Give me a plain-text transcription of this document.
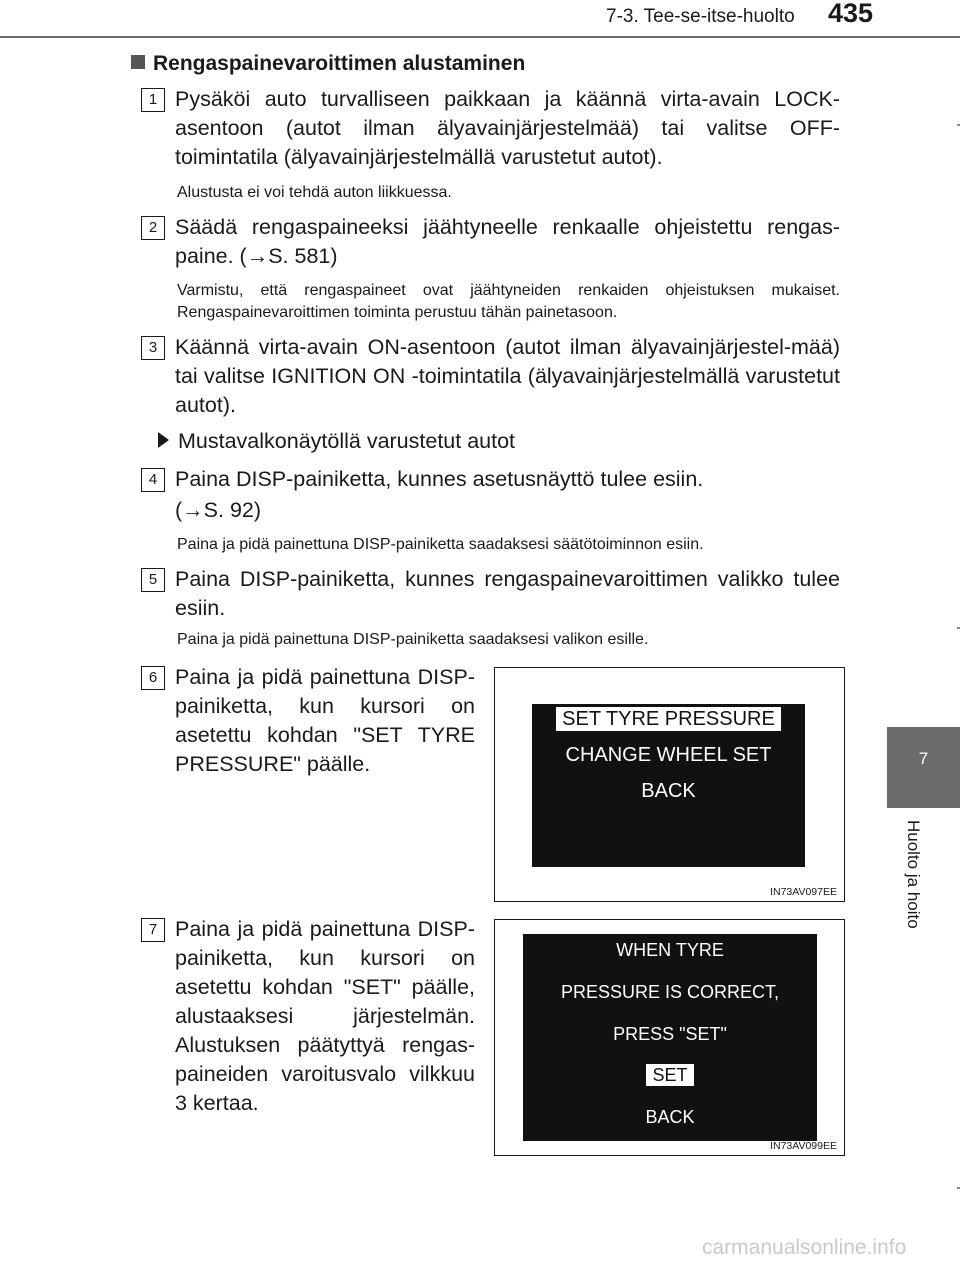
7-3. Tee-se-itse-huolto 435
7
Huolto ja hoito
Rengaspainevaroittimen alustaminen
1 Pysäköi auto turvalliseen paikkaan ja käännä virta-avain LOCK-asentoon (autot ilman älyavainjärjestelmää) tai valitse OFF-toimintatila (älyavainjärjestelmällä varustetut autot).
Alustusta ei voi tehdä auton liikkuessa.
2 Säädä rengaspaineeksi jäähtyneelle renkaalle ohjeistettu rengas-paine. (→S. 581)
Varmistu, että rengaspaineet ovat jäähtyneiden renkaiden ohjeistuksen mukaiset. Rengaspainevaroittimen toiminta perustuu tähän painetasoon.
3 Käännä virta-avain ON-asentoon (autot ilman älyavainjärjestel-mää) tai valitse IGNITION ON -toimintatila (älyavainjärjestelmällä varustetut autot).
Mustavalkonäytöllä varustetut autot
4 Paina DISP-painiketta, kunnes asetusnäyttö tulee esiin.
(→S. 92)
Paina ja pidä painettuna DISP-painiketta saadaksesi säätötoiminnon esiin.
5 Paina DISP-painiketta, kunnes rengaspainevaroittimen valikko tulee esiin.
Paina ja pidä painettuna DISP-painiketta saadaksesi valikon esille.
6 Paina ja pidä painettuna DISP-painiketta, kun kursori on asetettu kohdan "SET TYRE PRESSURE" päälle.
SET TYRE PRESSURE
CHANGE WHEEL SET
BACK
IN73AV097EE
7 Paina ja pidä painettuna DISP-painiketta, kun kursori on asetettu kohdan "SET" päälle, alustaaksesi järjestelmän. Alustuksen päätyttyä rengas-paineiden varoitusvalo vilkkuu 3 kertaa.
WHEN TYRE
PRESSURE IS CORRECT,
PRESS "SET"
SET
BACK
IN73AV099EE
carmanualsonline.info
